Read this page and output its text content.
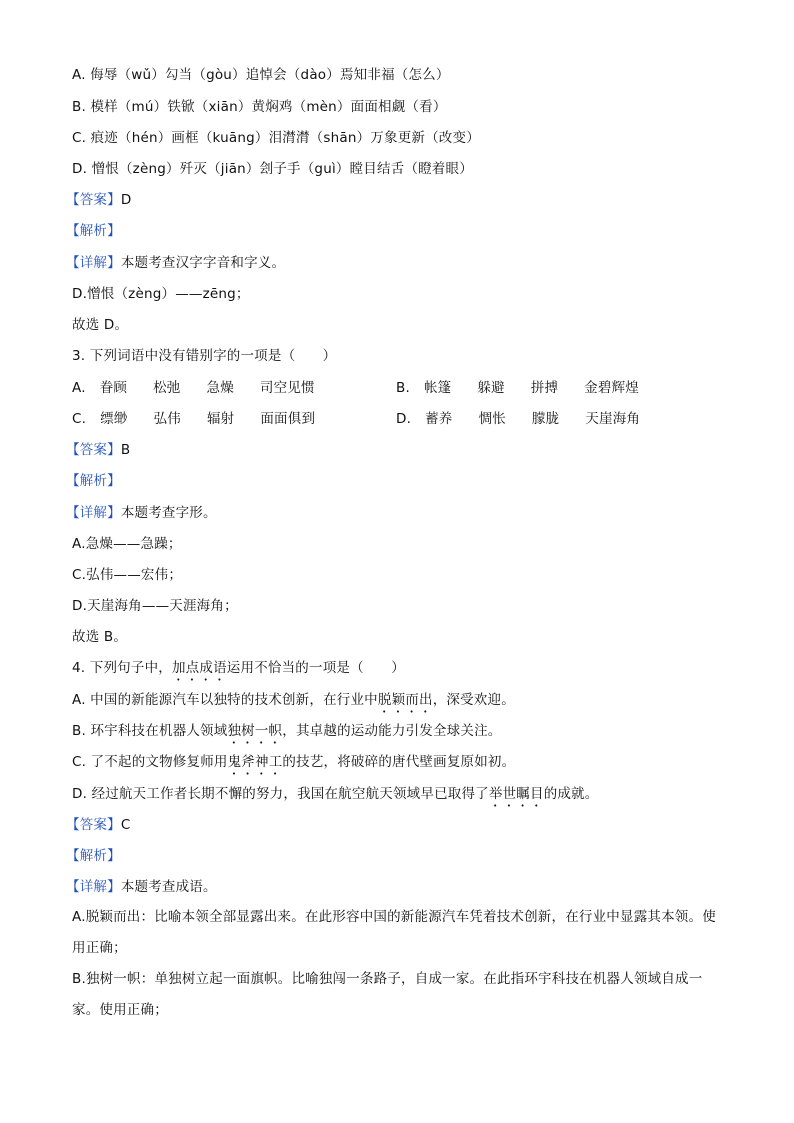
A. 侮辱（wǔ）勾当（gòu）追悼会（dào）焉知非福（怎么）
B. 模样（mú）铁锨（xiān）黄焖鸡（mèn）面面相觑（看）
C. 痕迹（hén）画框（kuāng）泪潸潸（shān）万象更新（改变）
D. 憎恨（zèng）歼灭（jiān）刽子手（guì）瞠目结舌（瞪着眼）
【 答案 】 D
【 解析 】
【 详解 】 本题考查汉字字音和字义。
D.憎恨（zèng）——zēng；
故选 D。
3. 下列词语中没有错别字的一项是（　　）
A. 眷顾 松弛 急燥 司空见惯	B. 帐篷 躲避 拼搏 金碧辉煌
C. 缥缈 弘伟 辐射 面面俱到	D. 蓄养 惆怅 朦胧 天崖海角
【 答案 】 B
【 解析 】
【 详解 】 本题考查字形。
A.急燥——急躁；
C.弘伟——宏伟；
D.天崖海角——天涯海角；
故选 B。
4. 下列句子中，加点成语运用不恰当的一项是（　　）
A. 中国的新能源汽车以独特的技术创新，在行业中脱颖而出，深受欢迎。
B. 环宇科技在机器人领域独树一帜，其卓越的运动能力引发全球关注。
C. 了不起的文物修复师用鬼斧神工的技艺，将破碎的唐代壁画复原如初。
D. 经过航天工作者长期不懈的努力，我国在航空航天领域早已取得了举世瞩目的成就。
【 答案 】 C
【 解析 】
【 详解 】 本题考查成语。
A.脱颖而出：比喻本领全部显露出来。在此形容中国的新能源汽车凭着技术创新，在行业中显露其本领。使用正确；
B.独树一帜：单独树立起一面旗帜。比喻独闯一条路子，自成一家。在此指环宇科技在机器人领域自成一家。使用正确；
